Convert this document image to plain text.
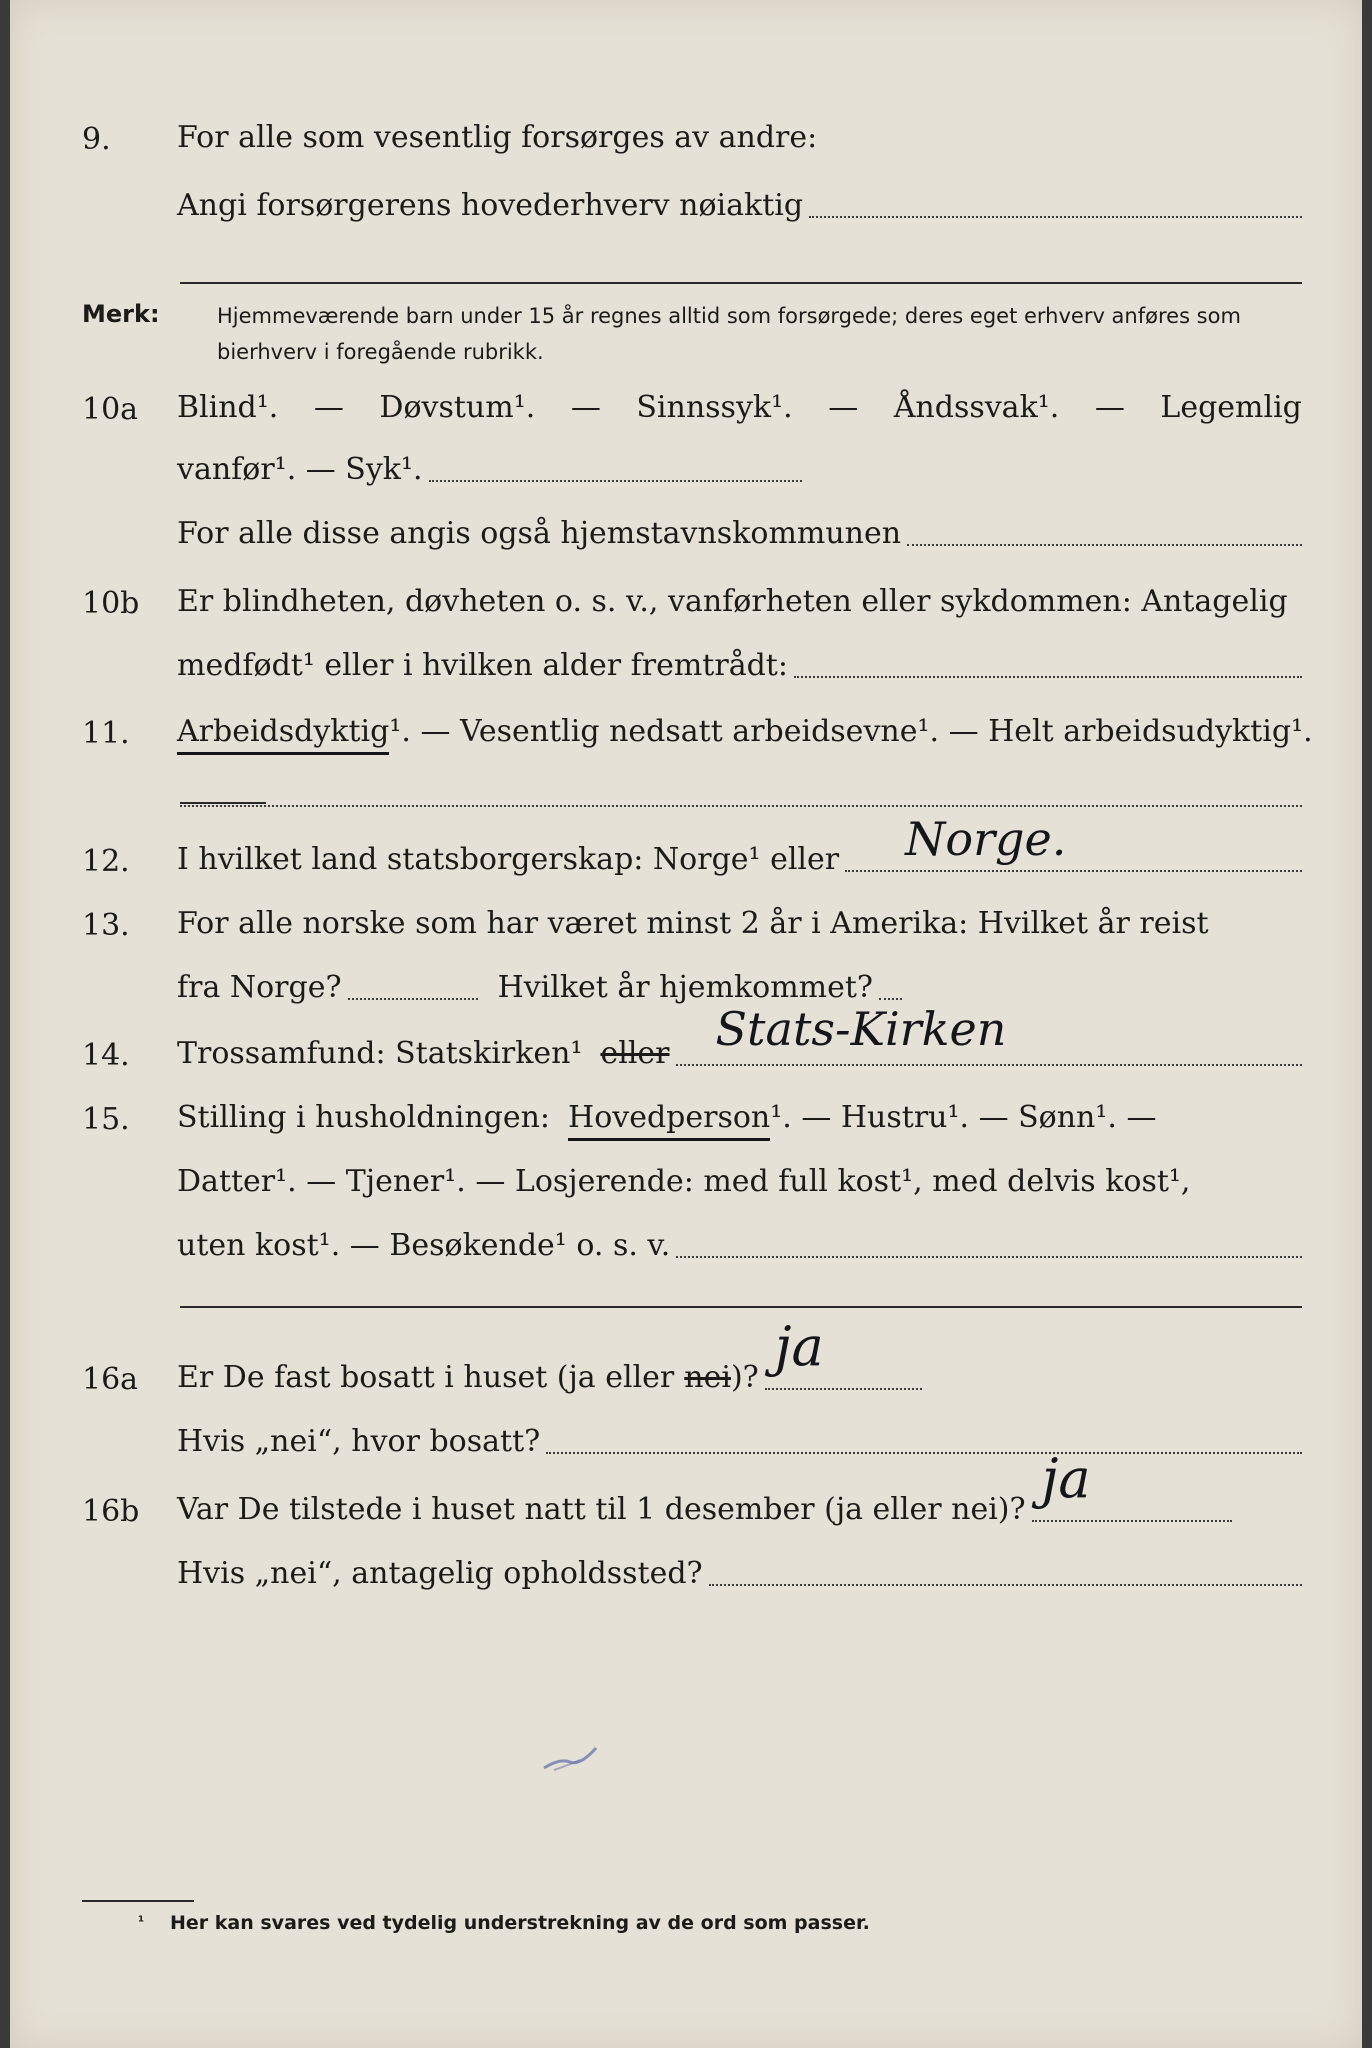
9. For alle som vesentlig forsørges av andre:
Angi forsørgerens hovederhverv nøiaktig
Merk:	Hjemmeværende barn under 15 år regnes alltid som forsørgede; deres eget erhverv anføres som bierhverv i foregående rubrikk.
10a Blind¹. — Døvstum¹. — Sinnssyk¹. — Åndssvak¹. — Legemlig
vanfør¹. — Syk¹.
For alle disse angis også hjemstavnskommunen
10b Er blindheten, døvheten o. s. v., vanførheten eller sykdommen: Antagelig
medfødt¹ eller i hvilken alder fremtrådt:
11. Arbeidsdyktig ¹. — Vesentlig nedsatt arbeidsevne¹. — Helt arbeidsudyktig¹.
12. I hvilket land statsborgerskap: Norge¹ eller Norge.
13. For alle norske som har været minst 2 år i Amerika: Hvilket år reist
fra Norge?	Hvilket år hjemkommet?
14. Trossamfund: Statskirken¹ eller Stats-Kirken
15. Stilling i husholdningen: Hovedperson ¹. — Hustru¹. — Sønn¹. —
Datter¹. — Tjener¹. — Losjerende: med full kost¹, med delvis kost¹,
uten kost¹. — Besøkende¹ o. s. v.
16a Er De fast bosatt i huset (ja eller nei )? ja
Hvis „nei“, hvor bosatt?
16b Var De tilstede i huset natt til 1 desember (ja eller nei)? ja
Hvis „nei“, antagelig opholdssted?
¹ Her kan svares ved tydelig understrekning av de ord som passer.
